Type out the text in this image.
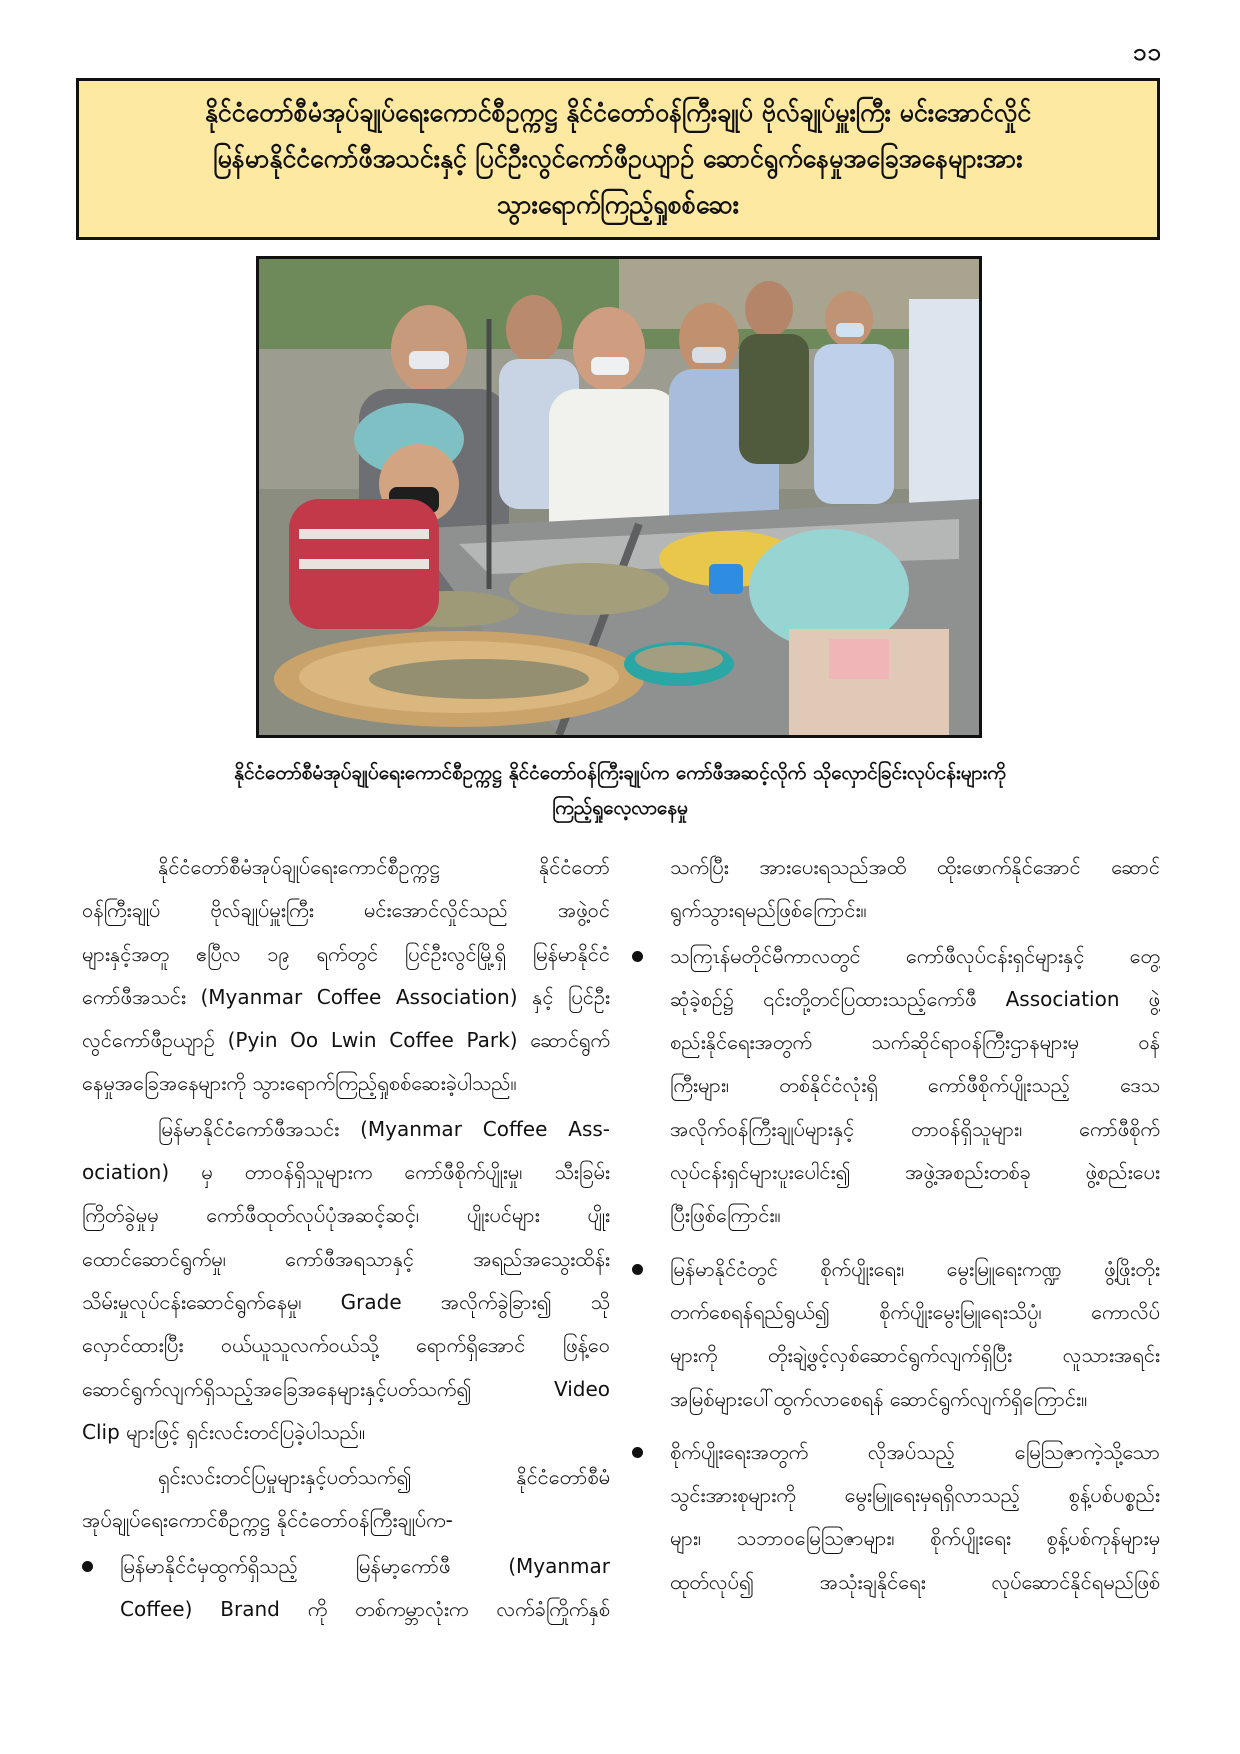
၁၁
နိုင်ငံတော်စီမံအုပ်ချုပ်ရေးကောင်စီဥက္ကဋ္ဌ နိုင်ငံတော်ဝန်ကြီးချုပ် ဗိုလ်ချုပ်မှူးကြီး မင်းအောင်လှိုင်
မြန်မာနိုင်ငံကော်ဖီအသင်းနှင့် ပြင်ဦးလွင်ကော်ဖီဥယျာဉ် ဆောင်ရွက်နေမှုအခြေအနေများအား
သွားရောက်ကြည့်ရှုစစ်ဆေး
နိုင်ငံတော်စီမံအုပ်ချုပ်ရေးကောင်စီဥက္ကဋ္ဌ နိုင်ငံတော်ဝန်ကြီးချုပ်က ကော်ဖီအဆင့်လိုက် သိုလှောင်ခြင်းလုပ်ငန်းများကို
ကြည့်ရှုလေ့လာနေမှု
နိုင်ငံတော်စီမံအုပ်ချုပ်ရေးကောင်စီဥက္ကဋ္ဌ နိုင်ငံတော်
ဝန်ကြီးချုပ် ဗိုလ်ချုပ်မှူးကြီး မင်းအောင်လှိုင်သည် အဖွဲ့ဝင်
များနှင့်အတူ ဧပြီလ ၁၉ ရက်တွင် ပြင်ဦးလွင်မြို့ရှိ မြန်မာနိုင်ငံ
ကော်ဖီအသင်း (Myanmar Coffee Association) နှင့် ပြင်ဦး
လွင်ကော်ဖီဥယျာဉ် (Pyin Oo Lwin Coffee Park) ဆောင်ရွက်
နေမှုအခြေအနေများကို သွားရောက်ကြည့်ရှုစစ်ဆေးခဲ့ပါသည်။
မြန်မာနိုင်ငံကော်ဖီအသင်း (Myanmar Coffee Ass-
ociation) မှ တာဝန်ရှိသူများက ကော်ဖီစိုက်ပျိုးမှု၊ သီးခြမ်း
ကြိတ်ခွဲမှုမှ ကော်ဖီထုတ်လုပ်ပုံအဆင့်ဆင့်၊ ပျိုးပင်များ ပျိုး
ထောင်ဆောင်ရွက်မှု၊ ကော်ဖီအရသာနှင့် အရည်အသွေးထိန်း
သိမ်းမှုလုပ်ငန်းဆောင်ရွက်နေမှု၊ Grade အလိုက်ခွဲခြား၍ သို
လှောင်ထားပြီး ဝယ်ယူသူလက်ဝယ်သို့ ရောက်ရှိအောင် ဖြန့်ဝေ
ဆောင်ရွက်လျက်ရှိသည့်အခြေအနေများနှင့်ပတ်သက်၍ Video
Clip များဖြင့် ရှင်းလင်းတင်ပြခဲ့ပါသည်။
ရှင်းလင်းတင်ပြမှုများနှင့်ပတ်သက်၍ နိုင်ငံတော်စီမံ
အုပ်ချုပ်ရေးကောင်စီဥက္ကဋ္ဌ နိုင်ငံတော်ဝန်ကြီးချုပ်က-
မြန်မာနိုင်ငံမှထွက်ရှိသည့် မြန်မာ့ကော်ဖီ (Myanmar
Coffee) Brand ကို တစ်ကမ္ဘာလုံးက လက်ခံကြိုက်နှစ်
သက်ပြီး အားပေးရသည်အထိ ထိုးဖောက်နိုင်အောင် ဆောင်
ရွက်သွားရမည်ဖြစ်ကြောင်း။
သကြၤန်မတိုင်မီကာလတွင် ကော်ဖီလုပ်ငန်းရှင်များနှင့် တွေ့
ဆုံခဲ့စဉ်၌ ၎င်းတို့တင်ပြထားသည့်ကော်ဖီ Association ဖွဲ့
စည်းနိုင်ရေးအတွက် သက်ဆိုင်ရာဝန်ကြီးဌာနများမှ ဝန်
ကြီးများ၊ တစ်နိုင်ငံလုံးရှိ ကော်ဖီစိုက်ပျိုးသည့် ဒေသ
အလိုက်ဝန်ကြီးချုပ်များနှင့် တာဝန်ရှိသူများ၊ ကော်ဖီစိုက်
လုပ်ငန်းရှင်များပူးပေါင်း၍ အဖွဲ့အစည်းတစ်ခု ဖွဲ့စည်းပေး
ပြီးဖြစ်ကြောင်း။
မြန်မာနိုင်ငံတွင် စိုက်ပျိုးရေး၊ မွေးမြူရေးကဏ္ဍ ဖွံ့ဖြိုးတိုး
တက်စေရန်ရည်ရွယ်၍ စိုက်ပျိုးမွေးမြူရေးသိပ္ပံ၊ ကောလိပ်
များကို တိုးချဲ့ဖွင့်လှစ်ဆောင်ရွက်လျက်ရှိပြီး လူသားအရင်း
အမြစ်များပေါ်ထွက်လာစေရန် ဆောင်ရွက်လျက်ရှိကြောင်း။
စိုက်ပျိုးရေးအတွက် လိုအပ်သည့် မြေသြဇာကဲ့သို့သော
သွင်းအားစုများကို မွေးမြူရေးမှရရှိလာသည့် စွန့်ပစ်ပစ္စည်း
များ၊ သဘာဝမြေသြဇာများ၊ စိုက်ပျိုးရေး စွန့်ပစ်ကုန်များမှ
ထုတ်လုပ်၍ အသုံးချနိုင်ရေး လုပ်ဆောင်နိုင်ရမည်ဖြစ်
